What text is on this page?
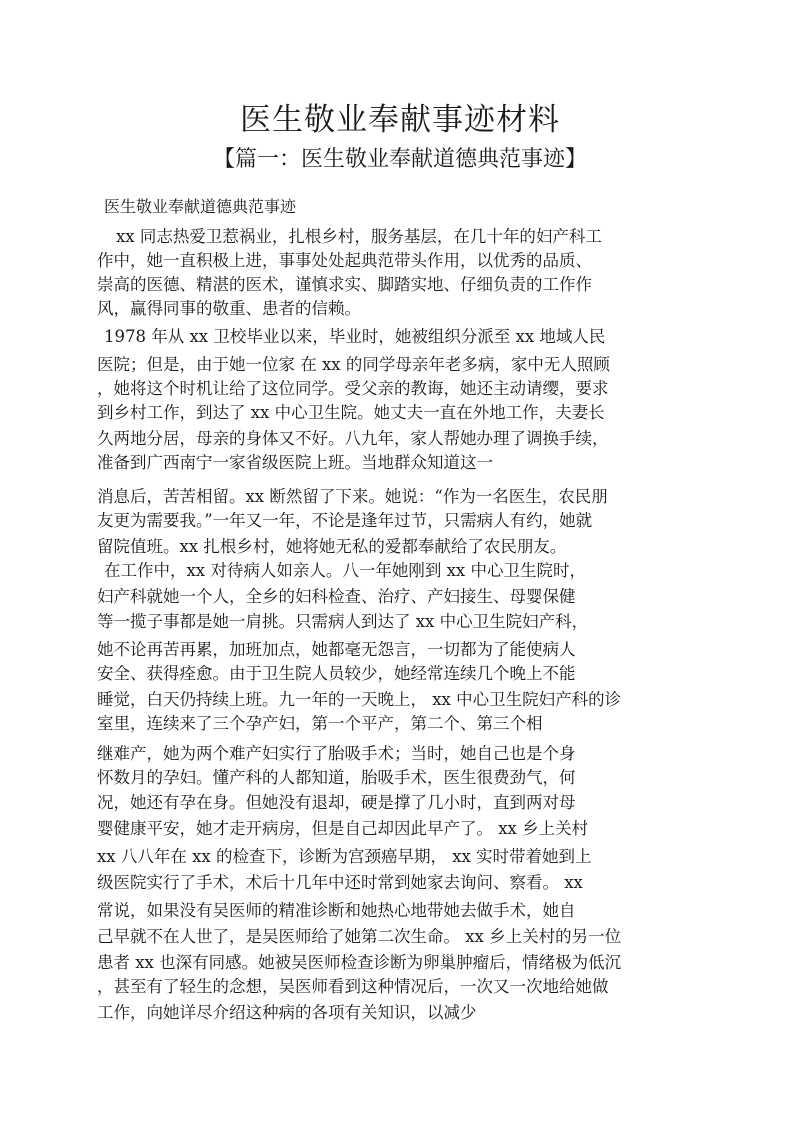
医生敬业奉献事迹材料
【篇一：医生敬业奉献道德典范事迹】
医生敬业奉献道德典范事迹
xx 同志热爱卫惹祸业，扎根乡村，服务基层，在几十年的妇产科工
作中，她一直积极上进，事事处处起典范带头作用，以优秀的品质、
崇高的医德、精湛的医术，谨慎求实、脚踏实地、仔细负责的工作作
风，赢得同事的敬重、患者的信赖。
1978 年从 xx 卫校毕业以来，毕业时，她被组织分派至 xx 地域人民
医院；但是，由于她一位家 在 xx 的同学母亲年老多病，家中无人照顾
，她将这个时机让给了这位同学。受父亲的教诲，她还主动请缨，要求
到乡村工作，到达了 xx 中心卫生院。她丈夫一直在外地工作，夫妻长
久两地分居，母亲的身体又不好。八九年，家人帮她办理了调换手续，
准备到广西南宁一家省级医院上班。当地群众知道这一
消息后，苦苦相留。xx 断然留了下来。她说：“作为一名医生，农民朋
友更为需要我。”一年又一年，不论是逢年过节，只需病人有约，她就
留院值班。xx 扎根乡村，她将她无私的爱都奉献给了农民朋友。
在工作中，xx 对待病人如亲人。八一年她刚到 xx 中心卫生院时，
妇产科就她一个人，全乡的妇科检查、治疗、产妇接生、母婴保健
等一揽子事都是她一肩挑。只需病人到达了 xx 中心卫生院妇产科，
她不论再苦再累，加班加点，她都毫无怨言，一切都为了能使病人
安全、获得痊愈。由于卫生院人员较少，她经常连续几个晚上不能
睡觉，白天仍持续上班。九一年的一天晚上， xx 中心卫生院妇产科的诊
室里，连续来了三个孕产妇，第一个平产，第二个、第三个相
继难产，她为两个难产妇实行了胎吸手术；当时，她自己也是个身
怀数月的孕妇。懂产科的人都知道，胎吸手术，医生很费劲气，何
况，她还有孕在身。但她没有退却，硬是撑了几小时，直到两对母
婴健康平安，她才走开病房，但是自己却因此早产了。 xx 乡上关村
xx 八八年在 xx 的检查下，诊断为宫颈癌早期， xx 实时带着她到上
级医院实行了手术，术后十几年中还时常到她家去询问、察看。 xx
常说，如果没有吴医师的精准诊断和她热心地带她去做手术，她自
己早就不在人世了，是吴医师给了她第二次生命。 xx 乡上关村的另一位
患者 xx 也深有同感。她被吴医师检查诊断为卵巢肿瘤后，情绪极为低沉
，甚至有了轻生的念想，吴医师看到这种情况后，一次又一次地给她做
工作，向她详尽介绍这种病的各项有关知识，以减少
